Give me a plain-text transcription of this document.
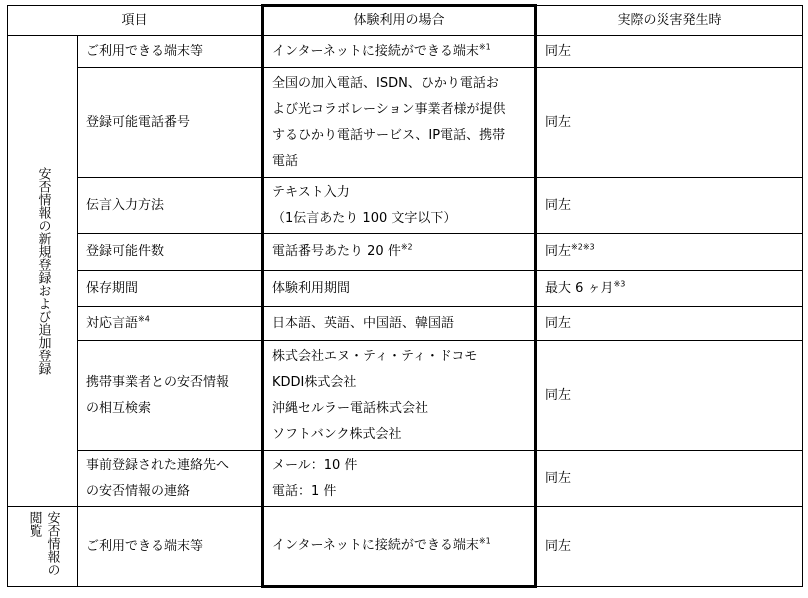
項目		体験利用の場合	実際の災害発生時

安否情報の新規登録および追加登録	ご利用できる端末等	インターネットに接続ができる端末$^{※1}$	同左
	登録可能電話番号	全国の加入電話、ISDN、ひかり電話お
よび光コラボレーション事業者様が提供
するひかり電話サービス、IP電話、携帯
電話	同左
	伝言入力方法	テキスト入力
（1伝言あたり 100 文字以下）	同左
	登録可能件数	電話番号あたり 20 件$^{※2}$	同左$^{※2※3}$
	保存期間	体験利用期間	最大 6 ヶ月$^{※3}$
	対応言語$^{※4}$	日本語、英語、中国語、韓国語	同左

	携帯事業者との安否情報
の相互検索	株式会社エヌ・ティ・ティ・ドコモ
KDDI株式会社
沖縄セルラー電話株式会社
ソフトバンク株式会社	同左

	事前登録された連絡先へ
の安否情報の連絡	メール：10 件
電話：1 件	同左

安否情報の閲覧	ご利用できる端末等	インターネットに接続ができる端末$^{※1}$	同左
